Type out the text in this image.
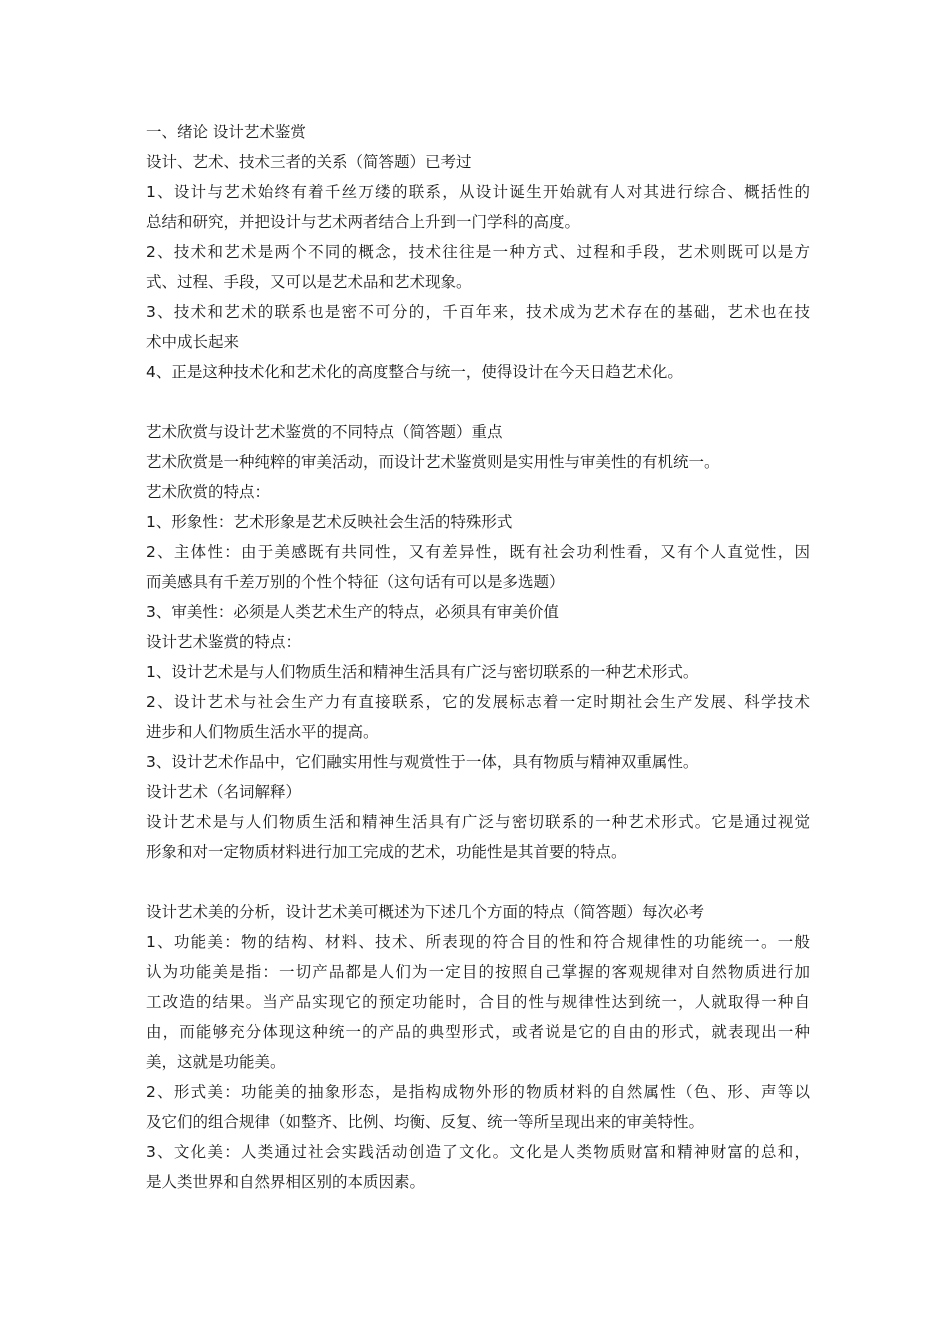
一、绪论 设计艺术鉴赏
设计、艺术、技术三者的关系（简答题）已考过
1、设计与艺术始终有着千丝万缕的联系，从设计诞生开始就有人对其进行综合、概括性的
总结和研究，并把设计与艺术两者结合上升到一门学科的高度。
2、技术和艺术是两个不同的概念，技术往往是一种方式、过程和手段，艺术则既可以是方
式、过程、手段，又可以是艺术品和艺术现象。
3、技术和艺术的联系也是密不可分的，千百年来，技术成为艺术存在的基础，艺术也在技
术中成长起来
4、正是这种技术化和艺术化的高度整合与统一，使得设计在今天日趋艺术化。
艺术欣赏与设计艺术鉴赏的不同特点（简答题）重点
艺术欣赏是一种纯粹的审美活动，而设计艺术鉴赏则是实用性与审美性的有机统一。
艺术欣赏的特点：
1、形象性：艺术形象是艺术反映社会生活的特殊形式
2、主体性：由于美感既有共同性，又有差异性，既有社会功利性看，又有个人直觉性，因
而美感具有千差万别的个性个特征（这句话有可以是多选题）
3、审美性：必须是人类艺术生产的特点，必须具有审美价值
设计艺术鉴赏的特点：
1、设计艺术是与人们物质生活和精神生活具有广泛与密切联系的一种艺术形式。
2、设计艺术与社会生产力有直接联系，它的发展标志着一定时期社会生产发展、科学技术
进步和人们物质生活水平的提高。
3、设计艺术作品中，它们融实用性与观赏性于一体，具有物质与精神双重属性。
设计艺术（名词解释）
设计艺术是与人们物质生活和精神生活具有广泛与密切联系的一种艺术形式。它是通过视觉
形象和对一定物质材料进行加工完成的艺术，功能性是其首要的特点。
设计艺术美的分析，设计艺术美可概述为下述几个方面的特点（简答题）每次必考
1、功能美：物的结构、材料、技术、所表现的符合目的性和符合规律性的功能统一。一般
认为功能美是指：一切产品都是人们为一定目的按照自己掌握的客观规律对自然物质进行加
工改造的结果。当产品实现它的预定功能时，合目的性与规律性达到统一，人就取得一种自
由，而能够充分体现这种统一的产品的典型形式，或者说是它的自由的形式，就表现出一种
美，这就是功能美。
2、形式美：功能美的抽象形态，是指构成物外形的物质材料的自然属性（色、形、声等以
及它们的组合规律（如整齐、比例、均衡、反复、统一等所呈现出来的审美特性。
3、文化美：人类通过社会实践活动创造了文化。文化是人类物质财富和精神财富的总和，
是人类世界和自然界相区别的本质因素。
